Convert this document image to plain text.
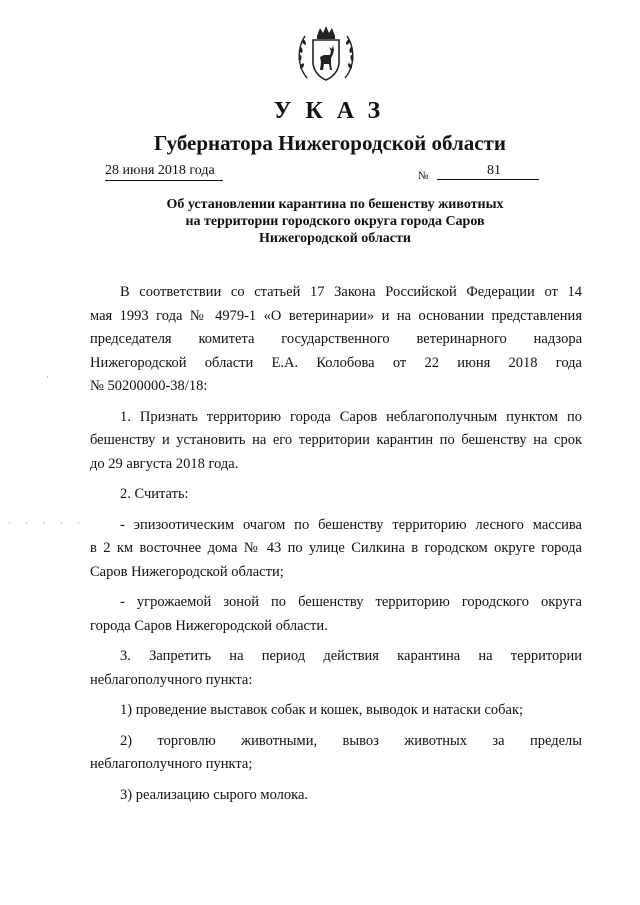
УКАЗ
Губернатора Нижегородской области
28 июня 2018 года	№	81
Об установлении карантина по бешенству животных
на территории городского округа города Саров
Нижегородской области
В соответствии со статьей 17 Закона Российской Федерации от 14
мая 1993 года № 4979-1 «О ветеринарии» и на основании представления
председателя комитета государственного ветеринарного надзора
Нижегородской области Е.А. Колобова от 22 июня 2018 года
№ 50200000-38/18:
1. Признать территорию города Саров неблагополучным пунктом по
бешенству и установить на его территории карантин по бешенству на срок
до 29 августа 2018 года.
2. Считать:
- эпизоотическим очагом по бешенству территорию лесного массива
в 2 км восточнее дома № 43 по улице Силкина в городском округе города
Саров Нижегородской области;
- угрожаемой зоной по бешенству территорию городского округа
города Саров Нижегородской области.
3. Запретить на период действия карантина на территории
неблагополучного пункта:
1) проведение выставок собак и кошек, выводок и натаски собак;
2) торговлю животными, вывоз животных за пределы
неблагополучного пункта;
3) реализацию сырого молока.
·
· · · · ·
